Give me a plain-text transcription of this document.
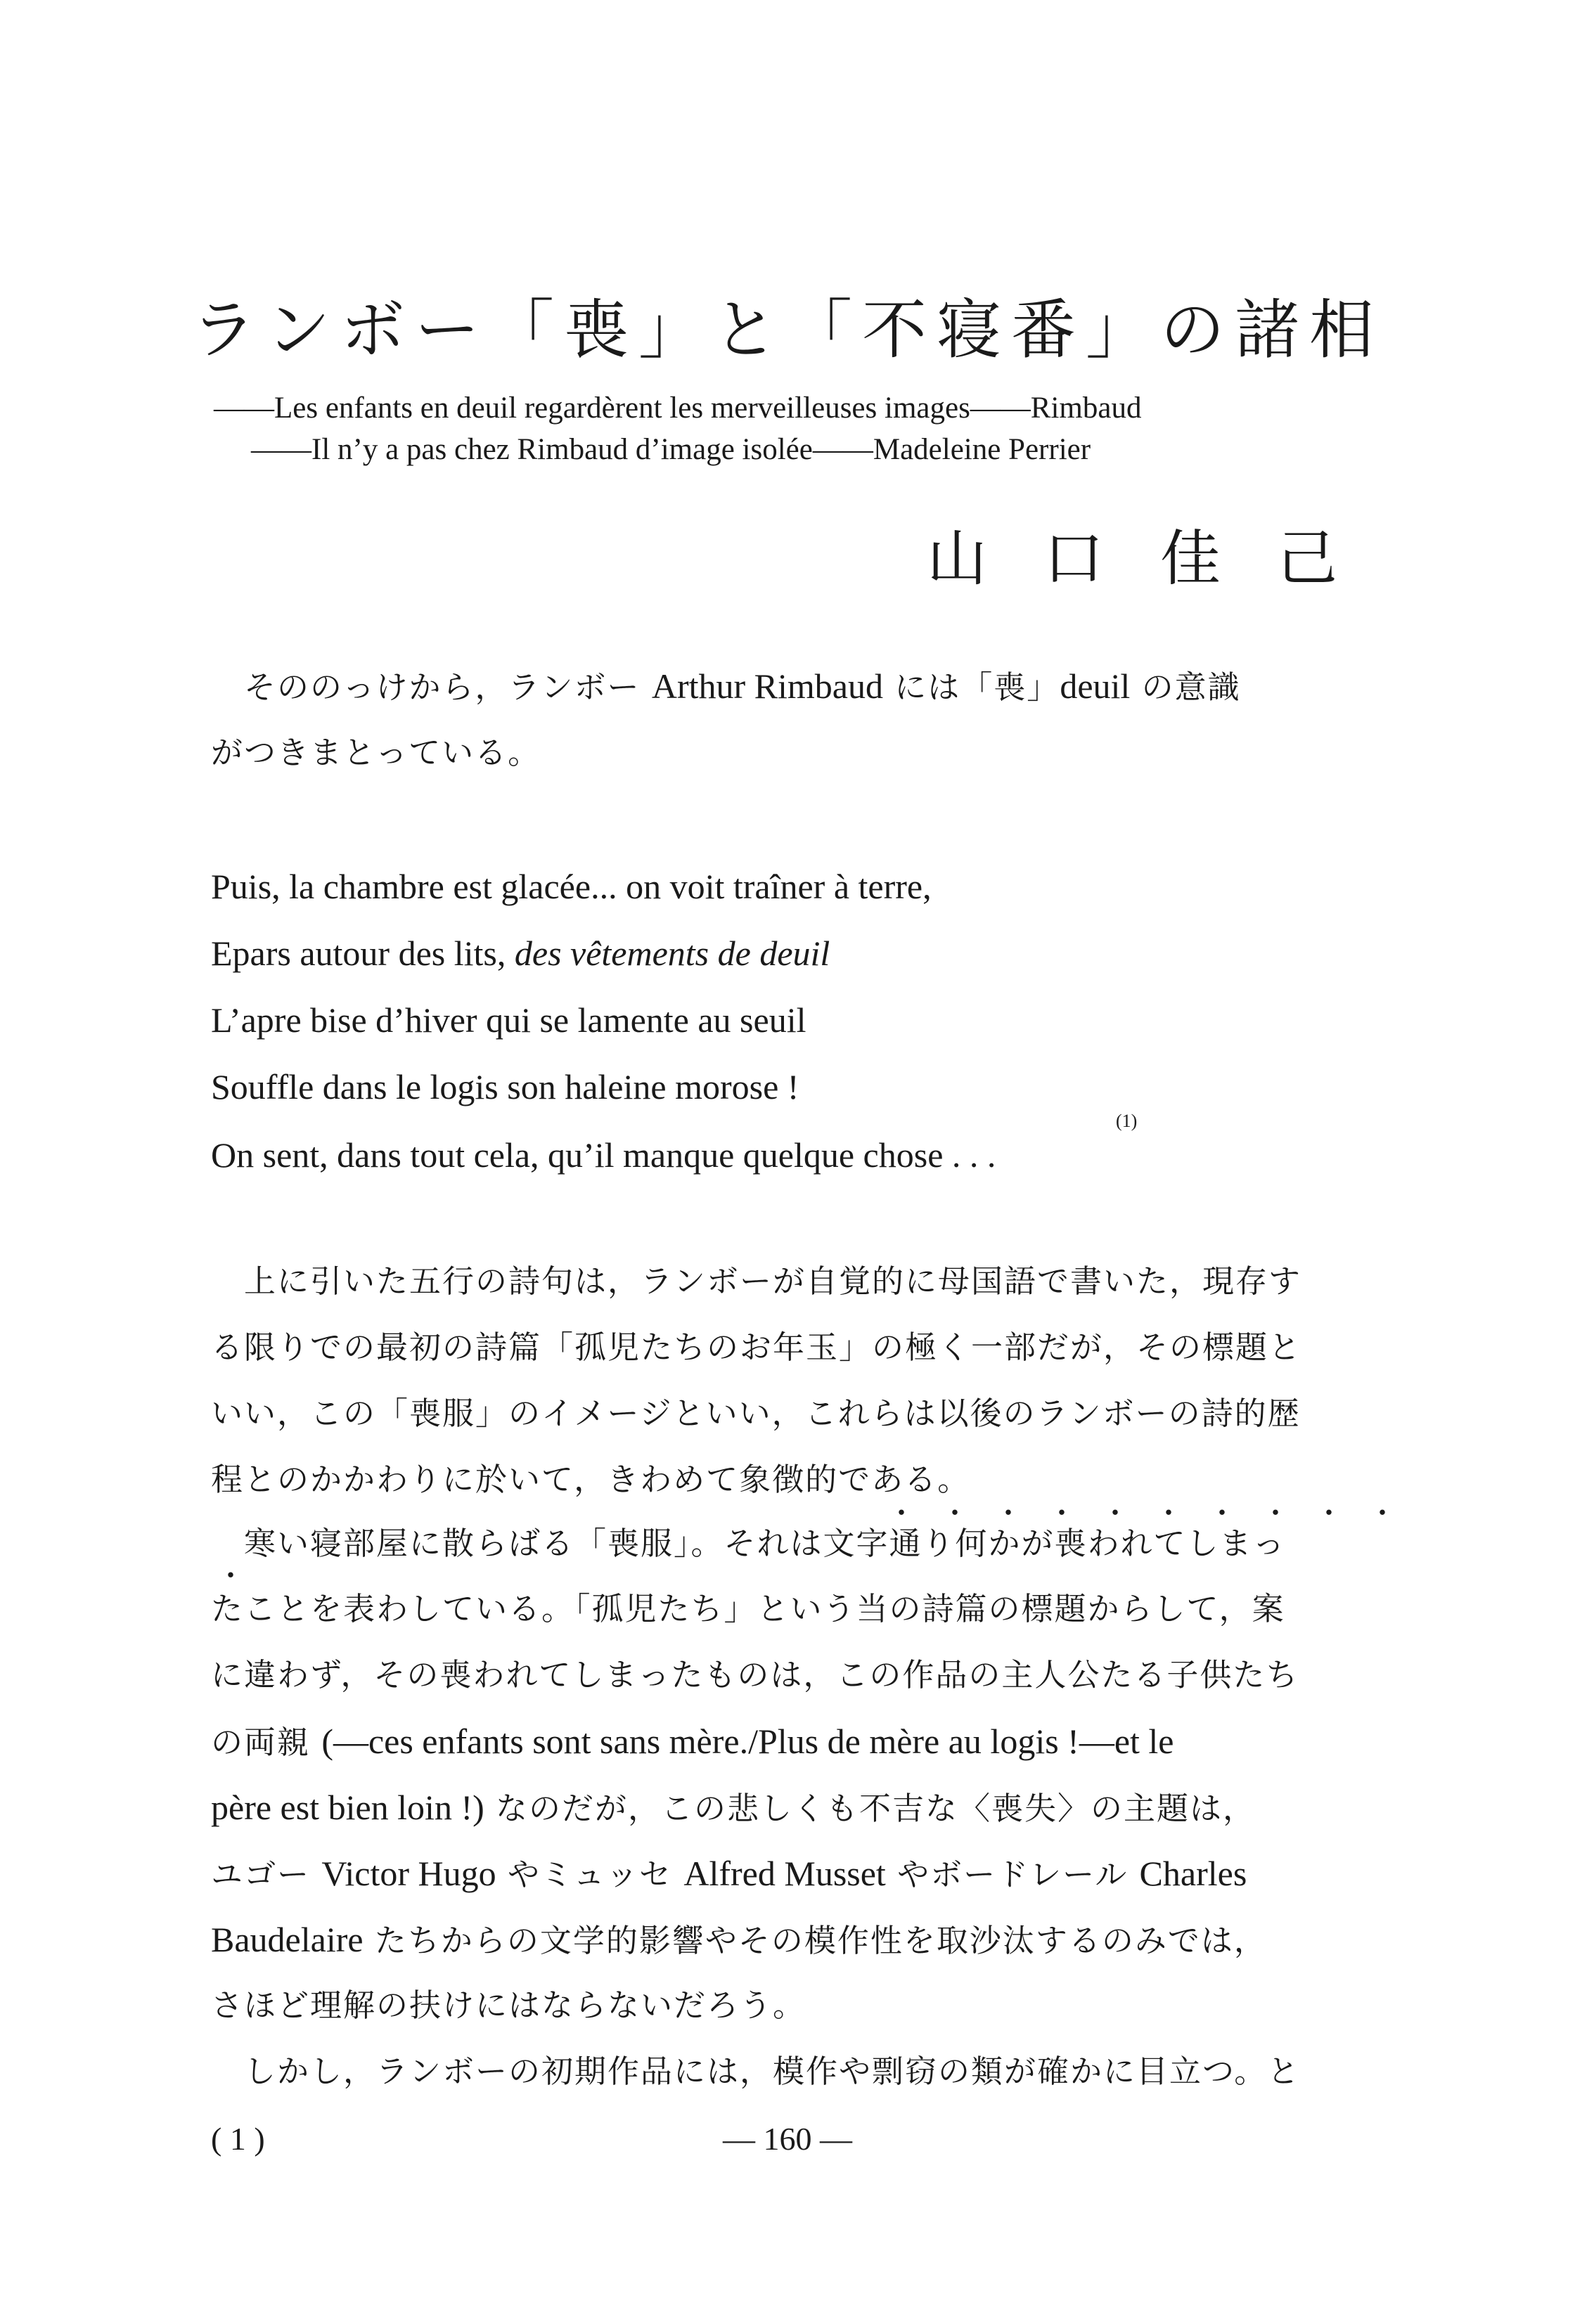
ランボー「喪」と「不寝番」の諸相
——Les enfants en deuil regardèrent les merveilleuses images——Rimbaud
——Il n’y a pas chez Rimbaud d’image isolée——Madeleine Perrier
山口佳己
そののっけから，ランボー Arthur Rimbaud には「喪」deuil の意識
がつきまとっている。
Puis, la chambre est glacée... on voit traîner à terre,
Epars autour des lits, des vêtements de deuil
L’apre bise d’hiver qui se lamente au seuil
Souffle dans le logis son haleine morose !
(1)
On sent, dans tout cela, qu’il manque quelque chose . . .
上に引いた五行の詩句は，ランボーが自覚的に母国語で書いた，現存す
る限りでの最初の詩篇「孤児たちのお年玉」の極く一部だが，その標題と
いい，この「喪服」のイメージといい，これらは以後のランボーの詩的歴
程とのかかわりに於いて，きわめて象徴的である。
・・・・・・・・・・
寒い寝部屋に散らばる「喪服」。それは文字通り何かが喪われてしまっ
・
たことを表わしている。「孤児たち」という当の詩篇の標題からして，案
に違わず，その喪われてしまったものは，この作品の主人公たる子供たち
の両親 (—ces enfants sont sans mère./Plus de mère au logis !—et le
père est bien loin !) なのだが，この悲しくも不吉な〈喪失〉の主題は，
ユゴー Victor Hugo やミュッセ Alfred Musset やボードレール Charles
Baudelaire たちからの文学的影響やその模作性を取沙汰するのみでは，
さほど理解の扶けにはならないだろう。
しかし，ランボーの初期作品には，模作や剽窃の類が確かに目立つ。と
( 1 )	— 160 —
